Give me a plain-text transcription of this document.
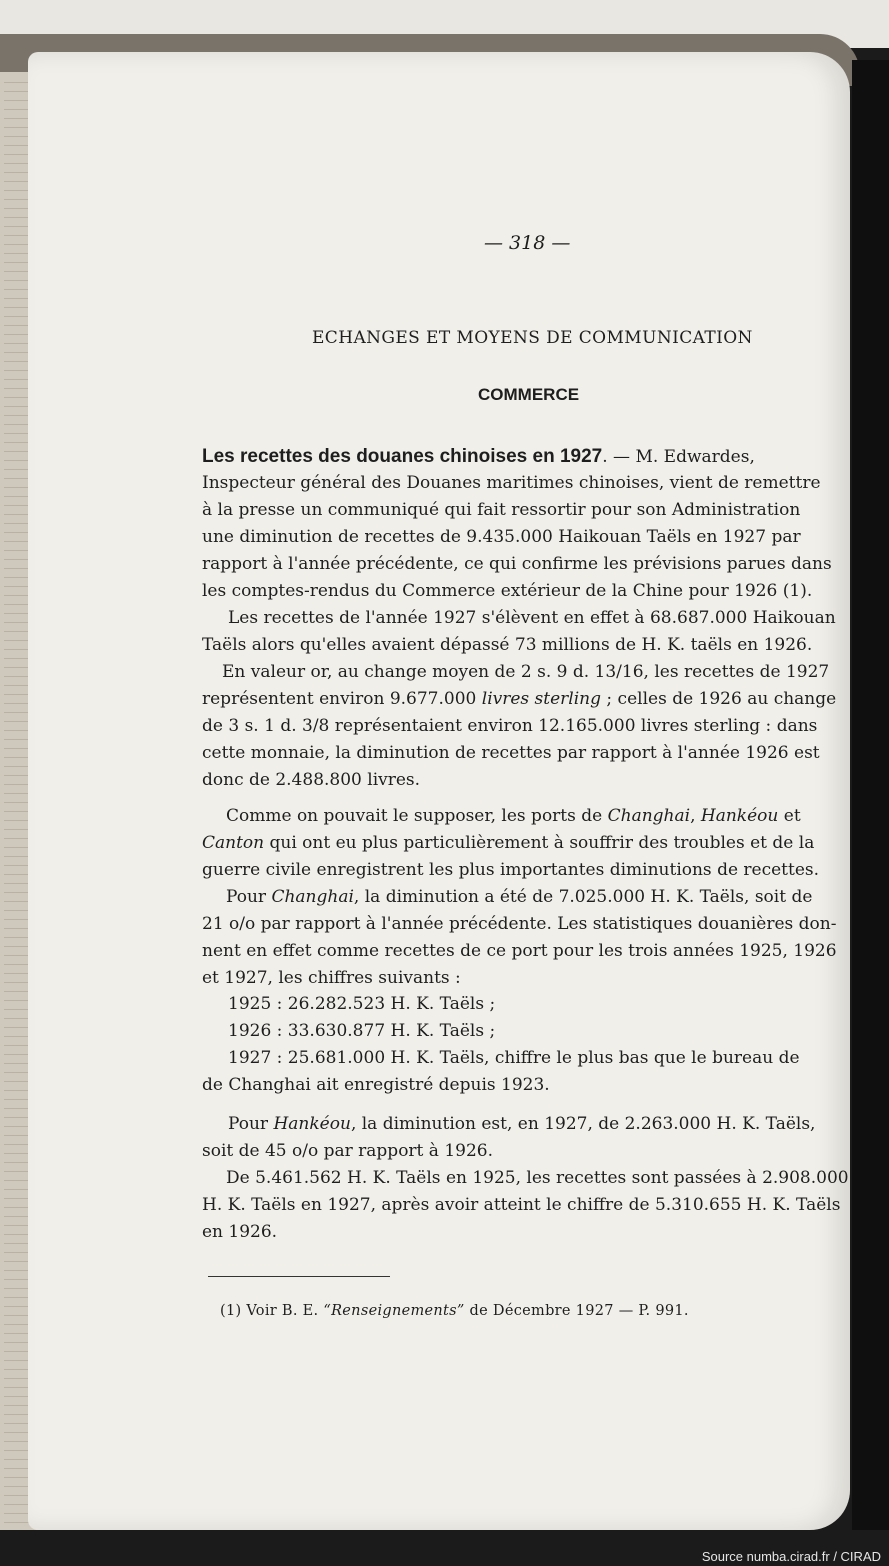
— 318 —
ECHANGES ET MOYENS DE COMMUNICATION
COMMERCE
Les recettes des douanes chinoises en 1927. — M. Edwardes,
Inspecteur général des Douanes maritimes chinoises, vient de remettre
à la presse un communiqué qui fait ressortir pour son Administration
une diminution de recettes de 9.435.000 Haikouan Taëls en 1927 par
rapport à l'année précédente, ce qui confirme les prévisions parues dans
les comptes-rendus du Commerce extérieur de la Chine pour 1926 (1).
Les recettes de l'année 1927 s'élèvent en effet à 68.687.000 Haikouan
Taëls alors qu'elles avaient dépassé 73 millions de H. K. taëls en 1926.
En valeur or, au change moyen de 2 s. 9 d. 13/16, les recettes de 1927
représentent environ 9.677.000 livres sterling ; celles de 1926 au change
de 3 s. 1 d. 3/8 représentaient environ 12.165.000 livres sterling : dans
cette monnaie, la diminution de recettes par rapport à l'année 1926 est
donc de 2.488.800 livres.
Comme on pouvait le supposer, les ports de Changhai, Hankéou et
Canton qui ont eu plus particulièrement à souffrir des troubles et de la
guerre civile enregistrent les plus importantes diminutions de recettes.
Pour Changhai, la diminution a été de 7.025.000 H. K. Taëls, soit de
21 o/o par rapport à l'année précédente. Les statistiques douanières don-
nent en effet comme recettes de ce port pour les trois années 1925, 1926
et 1927, les chiffres suivants :
1925 : 26.282.523 H. K. Taëls ;
1926 : 33.630.877 H. K. Taëls ;
1927 : 25.681.000 H. K. Taëls, chiffre le plus bas que le bureau de
de Changhai ait enregistré depuis 1923.
Pour Hankéou, la diminution est, en 1927, de 2.263.000 H. K. Taëls,
soit de 45 o/o par rapport à 1926.
De 5.461.562 H. K. Taëls en 1925, les recettes sont passées à 2.908.000
H. K. Taëls en 1927, après avoir atteint le chiffre de 5.310.655 H. K. Taëls
en 1926.
(1) Voir B. E. “Renseignements” de Décembre 1927 — P. 991.
Source numba.cirad.fr / CIRAD
